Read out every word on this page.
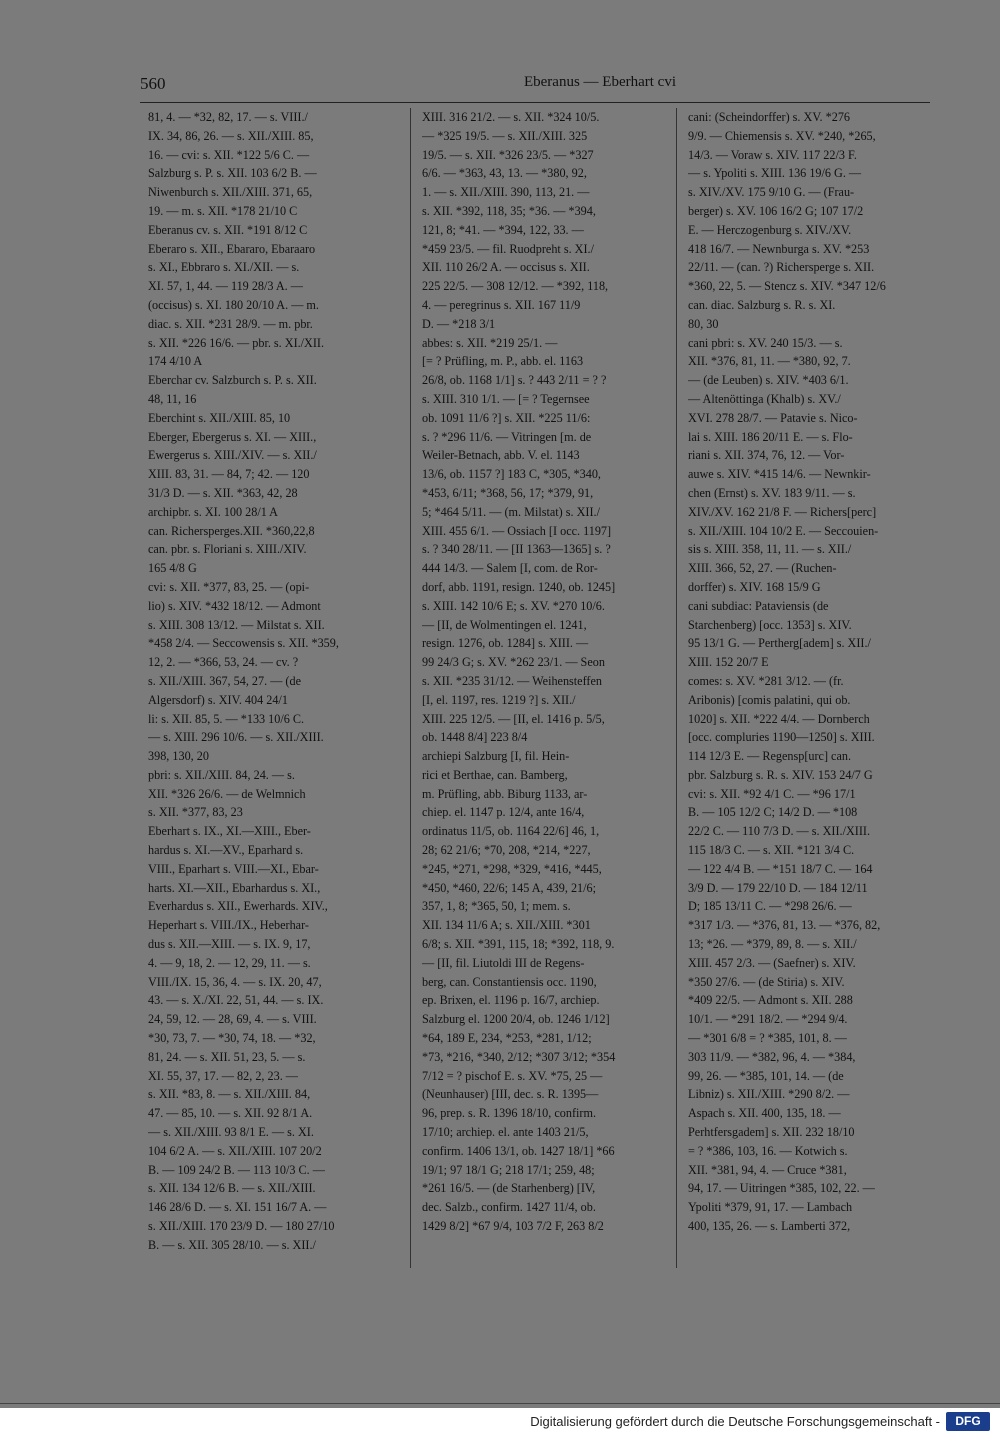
560	Eberanus — Eberhart cvi
81, 4. — *32, 82, 17. — s. VIII./
IX. 34, 86, 26. — s. XII./XIII. 85,
16. — cvi: s. XII. *122 5/6 C. —
Salzburg s. P. s. XII. 103 6/2 B. —
Niwenburch s. XII./XIII. 371, 65,
19. — m. s. XII. *178 21/10 C
Eberanus cv. s. XII. *191 8/12 C
Eberaro s. XII., Ebararo, Ebaraaro
s. XI., Ebbraro s. XI./XII. — s.
XI. 57, 1, 44. — 119 28/3 A. —
(occisus) s. XI. 180 20/10 A. — m.
diac. s. XII. *231 28/9. — m. pbr.
s. XII. *226 16/6. — pbr. s. XI./XII.
174 4/10 A
Eberchar cv. Salzburch s. P. s. XII.
48, 11, 16
Eberchint s. XII./XIII. 85, 10
Eberger, Ebergerus s. XI. — XIII.,
Ewergerus s. XIII./XIV. — s. XII./
XIII. 83, 31. — 84, 7; 42. — 120
31/3 D. — s. XII. *363, 42, 28
archipbr. s. XI. 100 28/1 A
can. Richersperges.XII. *360,22,8
can. pbr. s. Floriani s. XIII./XIV.
165 4/8 G
cvi: s. XII. *377, 83, 25. — (opi-
lio) s. XIV. *432 18/12. — Admont
s. XIII. 308 13/12. — Milstat s. XII.
*458 2/4. — Seccowensis s. XII. *359,
12, 2. — *366, 53, 24. — cv. ?
s. XII./XIII. 367, 54, 27. — (de
Algersdorf) s. XIV. 404 24/1
li: s. XII. 85, 5. — *133 10/6 C.
— s. XIII. 296 10/6. — s. XII./XIII.
398, 130, 20
pbri: s. XII./XIII. 84, 24. — s.
XII. *326 26/6. — de Welmnich
s. XII. *377, 83, 23
Eberhart s. IX., XI.—XIII., Eber-
hardus s. XI.—XV., Eparhard s.
VIII., Eparhart s. VIII.—XI., Ebar-
harts. XI.—XII., Ebarhardus s. XI.,
Everhardus s. XII., Ewerhards. XIV.,
Heperhart s. VIII./IX., Heberhar-
dus s. XII.—XIII. — s. IX. 9, 17,
4. — 9, 18, 2. — 12, 29, 11. — s.
VIII./IX. 15, 36, 4. — s. IX. 20, 47,
43. — s. X./XI. 22, 51, 44. — s. IX.
24, 59, 12. — 28, 69, 4. — s. VIII.
*30, 73, 7. — *30, 74, 18. — *32,
81, 24. — s. XII. 51, 23, 5. — s.
XI. 55, 37, 17. — 82, 2, 23. —
s. XII. *83, 8. — s. XII./XIII. 84,
47. — 85, 10. — s. XII. 92 8/1 A.
— s. XII./XIII. 93 8/1 E. — s. XI.
104 6/2 A. — s. XII./XIII. 107 20/2
B. — 109 24/2 B. — 113 10/3 C. —
s. XII. 134 12/6 B. — s. XII./XIII.
146 28/6 D. — s. XI. 151 16/7 A. —
s. XII./XIII. 170 23/9 D. — 180 27/10
B. — s. XII. 305 28/10. — s. XII./
XIII. 316 21/2. — s. XII. *324 10/5.
— *325 19/5. — s. XII./XIII. 325
19/5. — s. XII. *326 23/5. — *327
6/6. — *363, 43, 13. — *380, 92,
1. — s. XII./XIII. 390, 113, 21. —
s. XII. *392, 118, 35; *36. — *394,
121, 8; *41. — *394, 122, 33. —
*459 23/5. — fil. Ruodpreht s. XI./
XII. 110 26/2 A. — occisus s. XII.
225 22/5. — 308 12/12. — *392, 118,
4. — peregrinus s. XII. 167 11/9
D. — *218 3/1
abbes: s. XII. *219 25/1. —
[= ? Prüfling, m. P., abb. el. 1163
26/8, ob. 1168 1/1] s. ? 443 2/11 = ? ?
s. XIII. 310 1/1. — [= ? Tegernsee
ob. 1091 11/6 ?] s. XII. *225 11/6:
s. ? *296 11/6. — Vitringen [m. de
Weiler-Betnach, abb. V. el. 1143
13/6, ob. 1157 ?] 183 C, *305, *340,
*453, 6/11; *368, 56, 17; *379, 91,
5; *464 5/11. — (m. Milstat) s. XII./
XIII. 455 6/1. — Ossiach [I occ. 1197]
s. ? 340 28/11. — [II 1363—1365] s. ?
444 14/3. — Salem [I, com. de Ror-
dorf, abb. 1191, resign. 1240, ob. 1245]
s. XIII. 142 10/6 E; s. XV. *270 10/6.
— [II, de Wolmentingen el. 1241,
resign. 1276, ob. 1284] s. XIII. —
99 24/3 G; s. XV. *262 23/1. — Seon
s. XII. *235 31/12. — Weihensteffen
[I, el. 1197, res. 1219 ?] s. XII./
XIII. 225 12/5. — [II, el. 1416 p. 5/5,
ob. 1448 8/4] 223 8/4
archiepi Salzburg [I, fil. Hein-
rici et Berthae, can. Bamberg,
m. Prüfling, abb. Biburg 1133, ar-
chiep. el. 1147 p. 12/4, ante 16/4,
ordinatus 11/5, ob. 1164 22/6] 46, 1,
28; 62 21/6; *70, 208, *214, *227,
*245, *271, *298, *329, *416, *445,
*450, *460, 22/6; 145 A, 439, 21/6;
357, 1, 8; *365, 50, 1; mem. s.
XII. 134 11/6 A; s. XII./XIII. *301
6/8; s. XII. *391, 115, 18; *392, 118, 9.
— [II, fil. Liutoldi III de Regens-
berg, can. Constantiensis occ. 1190,
ep. Brixen, el. 1196 p. 16/7, archiep.
Salzburg el. 1200 20/4, ob. 1246 1/12]
*64, 189 E, 234, *253, *281, 1/12;
*73, *216, *340, 2/12; *307 3/12; *354
7/12 = ? pischof E. s. XV. *75, 25 —
(Neunhauser) [III, dec. s. R. 1395—
96, prep. s. R. 1396 18/10, confirm.
17/10; archiep. el. ante 1403 21/5,
confirm. 1406 13/1, ob. 1427 18/1] *66
19/1; 97 18/1 G; 218 17/1; 259, 48;
*261 16/5. — (de Starhenberg) [IV,
dec. Salzb., confirm. 1427 11/4, ob.
1429 8/2] *67 9/4, 103 7/2 F, 263 8/2
cani: (Scheindorffer) s. XV. *276
9/9. — Chiemensis s. XV. *240, *265,
14/3. — Voraw s. XIV. 117 22/3 F.
— s. Ypoliti s. XIII. 136 19/6 G. —
s. XIV./XV. 175 9/10 G. — (Frau-
berger) s. XV. 106 16/2 G; 107 17/2
E. — Herczogenburg s. XIV./XV.
418 16/7. — Newnburga s. XV. *253
22/11. — (can. ?) Richersperge s. XII.
*360, 22, 5. — Stencz s. XIV. *347 12/6
can. diac. Salzburg s. R. s. XI.
80, 30
cani pbri: s. XV. 240 15/3. — s.
XII. *376, 81, 11. — *380, 92, 7.
— (de Leuben) s. XIV. *403 6/1.
— Altenöttinga (Khalb) s. XV./
XVI. 278 28/7. — Patavie s. Nico-
lai s. XIII. 186 20/11 E. — s. Flo-
riani s. XII. 374, 76, 12. — Vor-
auwe s. XIV. *415 14/6. — Newnkir-
chen (Ernst) s. XV. 183 9/11. — s.
XIV./XV. 162 21/8 F. — Richers[perc]
s. XII./XIII. 104 10/2 E. — Seccouien-
sis s. XIII. 358, 11, 11. — s. XII./
XIII. 366, 52, 27. — (Ruchen-
dorffer) s. XIV. 168 15/9 G
cani subdiac: Pataviensis (de
Starchenberg) [occ. 1353] s. XIV.
95 13/1 G. — Pertherg[adem] s. XII./
XIII. 152 20/7 E
comes: s. XV. *281 3/12. — (fr.
Aribonis) [comis palatini, qui ob.
1020] s. XII. *222 4/4. — Dornberch
[occ. compluries 1190—1250] s. XIII.
114 12/3 E. — Regensp[urc] can.
pbr. Salzburg s. R. s. XIV. 153 24/7 G
cvi: s. XII. *92 4/1 C. — *96 17/1
B. — 105 12/2 C; 14/2 D. — *108
22/2 C. — 110 7/3 D. — s. XII./XIII.
115 18/3 C. — s. XII. *121 3/4 C.
— 122 4/4 B. — *151 18/7 C. — 164
3/9 D. — 179 22/10 D. — 184 12/11
D; 185 13/11 C. — *298 26/6. —
*317 1/3. — *376, 81, 13. — *376, 82,
13; *26. — *379, 89, 8. — s. XII./
XIII. 457 2/3. — (Saefner) s. XIV.
*350 27/6. — (de Stiria) s. XIV.
*409 22/5. — Admont s. XII. 288
10/1. — *291 18/2. — *294 9/4.
— *301 6/8 = ? *385, 101, 8. —
303 11/9. — *382, 96, 4. — *384,
99, 26. — *385, 101, 14. — (de
Libniz) s. XII./XIII. *290 8/2. —
Aspach s. XII. 400, 135, 18. —
Perhtfersgadem] s. XII. 232 18/10
= ? *386, 103, 16. — Kotwich s.
XII. *381, 94, 4. — Cruce *381,
94, 17. — Uitringen *385, 102, 22. —
Ypoliti *379, 91, 17. — Lambach
400, 135, 26. — s. Lamberti 372,
Digitalisierung gefördert durch die Deutsche Forschungsgemeinschaft -	DFG
